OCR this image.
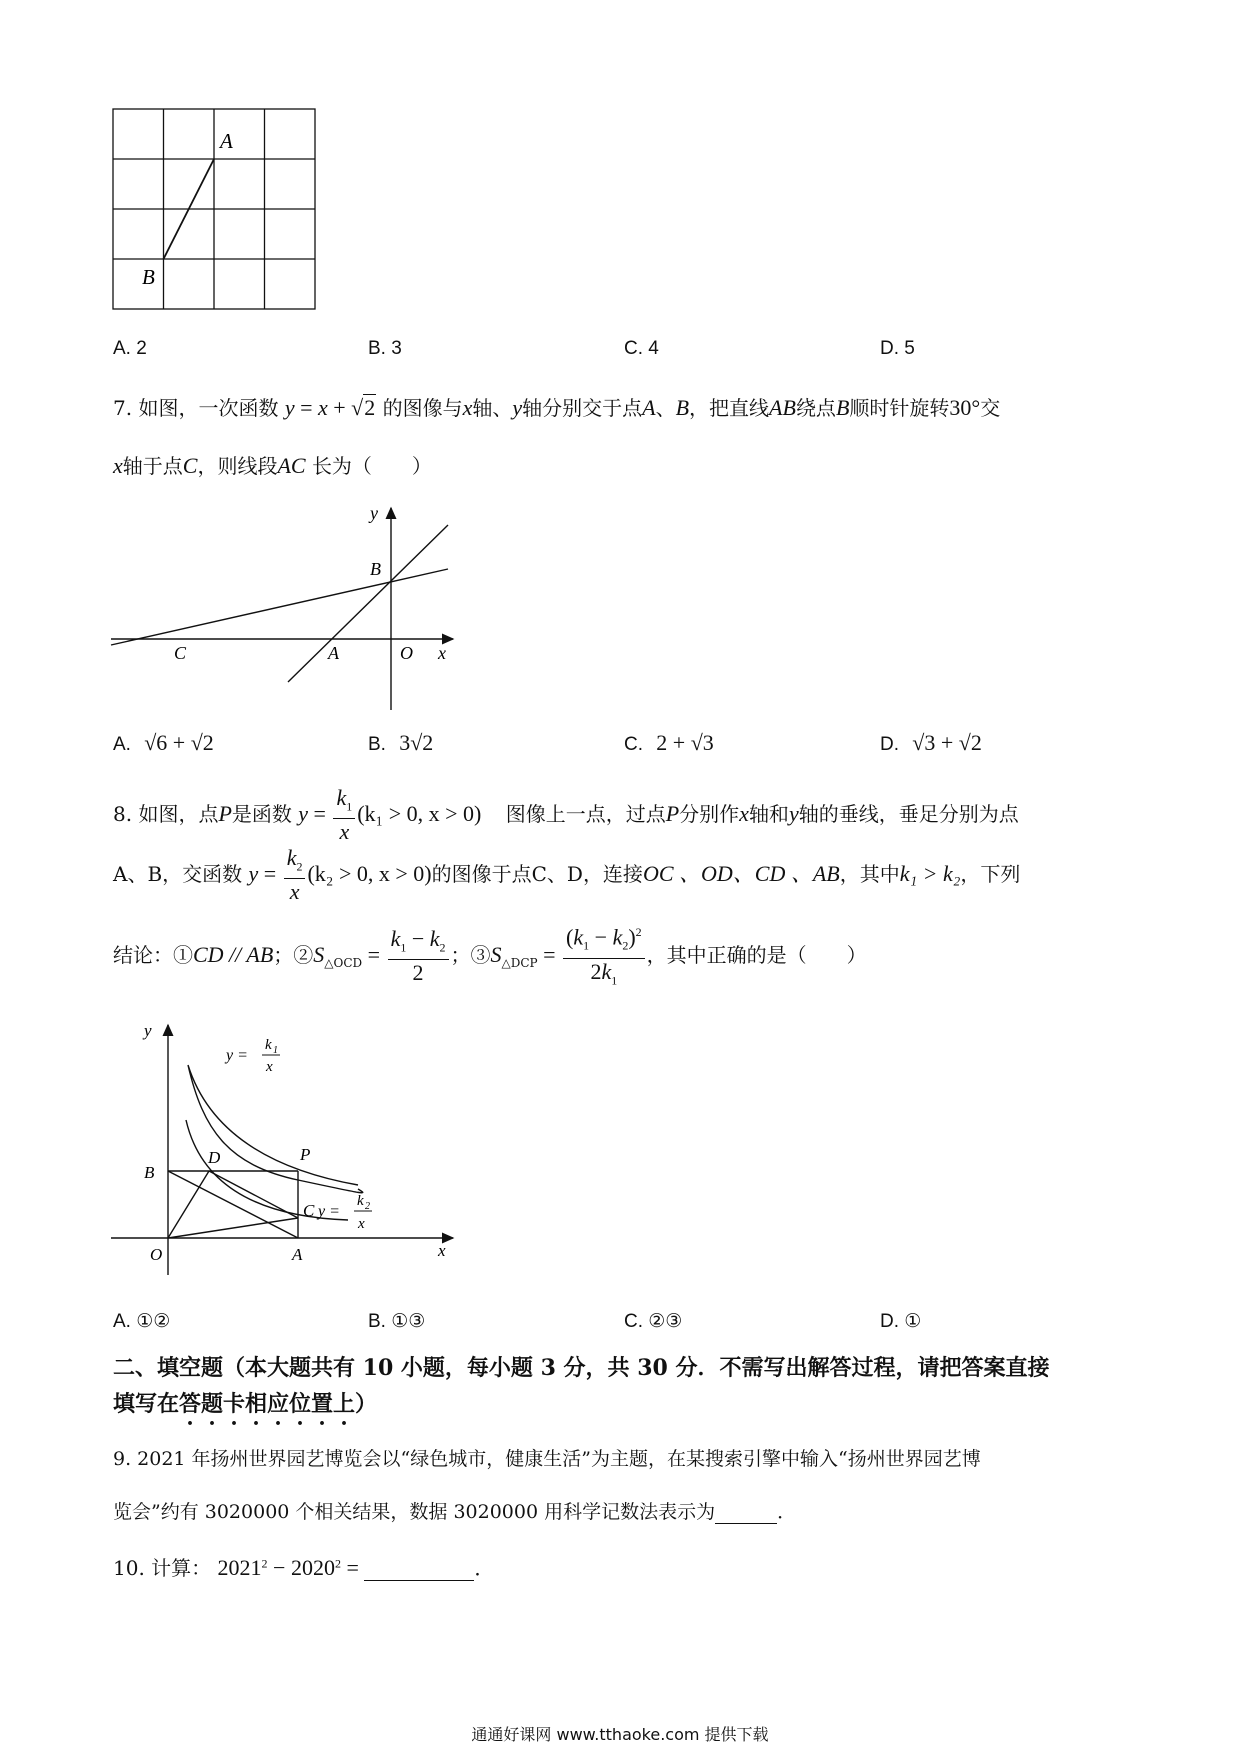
A
B
A. 2	B. 3	C. 4	D. 5
7. 如图，一次函数 y = x + √2 的图像与x轴、y轴分别交于点A、B，把直线AB绕点B顺时针旋转30°交
x轴于点C，则线段AC 长为（　　）
y
B
C	A	O x
A. √6 + √2	B. 3√2	C. 2 + √3	D. √3 + √2
8. 如图，点P是函数 $y = \frac{k_1}{x} (k_1 > 0$, x > 0) 图像上一点，过点P分别作x轴和y轴的垂线，垂足分别为点
A、B，交函数 $y = \frac{k_2}{x} (k_2 > 0$, x > 0)的图像于点C、D，连接OC 、OD、CD 、AB，其中k₁ > k₂，下列
结论：①CD // AB；$②S_{\triangle OCD} = \frac{k_1 - k_2}{2}$ ；$③S_{\triangle DCP} = \frac{(k_1 - k_2)^2}{2k_1}$ ，其中正确的是（　　）
y
B
D	P
C
O	A	x
y =
k 1
x
y =
k 2
x
A. ①②	B. ①③	C. ②③	D. ①
二、填空题（本大题共有 10 小题，每小题 3 分，共 30 分．不需写出解答过程，请把答案直接
填写在答题卡相应位置上）
9. 2021 年扬州世界园艺博览会以“绿色城市，健康生活”为主题，在某搜索引擎中输入“扬州世界园艺博
览会”约有 3020000 个相关结果，数据 3020000 用科学记数法表示为	．
10. 计算： $2021^2 - 2020^2$ =	．
通通好课网 www.tthaoke.com 提供下载
